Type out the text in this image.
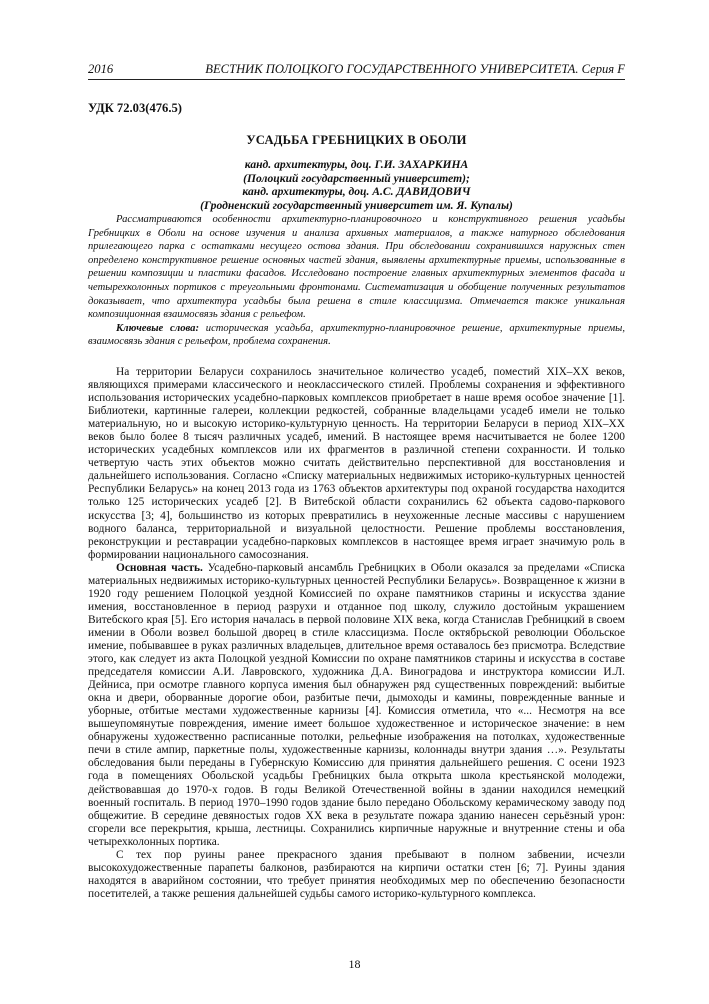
2016	ВЕСТНИК ПОЛОЦКОГО ГОСУДАРСТВЕННОГО УНИВЕРСИТЕТА. Серия F
УДК 72.03(476.5)
УСАДЬБА ГРЕБНИЦКИХ В ОБОЛИ
канд. архитектуры, доц. Г.И. ЗАХАРКИНА
(Полоцкий государственный университет);
канд. архитектуры, доц. А.С. ДАВИДОВИЧ
(Гродненский государственный университет им. Я. Купалы)

Рассматриваются особенности архитектурно-планировочного и конструктивного решения усадьбы Гребницких в Оболи на основе изучения и анализа архивных материалов, а также натурного обследования прилегающего парка с остатками несущего остова здания. При обследовании сохранившихся наружных стен определено конструктивное решение основных частей здания, выявлены архитектурные приемы, использованные в решении композиции и пластики фасадов. Исследовано построение главных архитектурных элементов фасада и четырехколонных портиков с треугольными фронтонами. Систематизация и обобщение полученных результатов доказывает, что архитектура усадьбы была решена в стиле классицизма. Отмечается также уникальная композиционная взаимосвязь здания с рельефом.

Ключевые слова: историческая усадьба, архитектурно-планировочное решение, архитектурные приемы, взаимосвязь здания с рельефом, проблема сохранения.

На территории Беларуси сохранилось значительное количество усадеб, поместий XIX–XX веков, являющихся примерами классического и неоклассического стилей. Проблемы сохранения и эффективного использования исторических усадебно-парковых комплексов приобретает в наше время особое значение [1]. Библиотеки, картинные галереи, коллекции редкостей, собранные владельцами усадеб имели не только материальную, но и высокую историко-культурную ценность. На территории Беларуси в период XIX–XX веков было более 8 тысяч различных усадеб, имений. В настоящее время насчитывается не более 1200 исторических усадебных комплексов или их фрагментов в различной степени сохранности. И только четвертую часть этих объектов можно считать действительно перспективной для восстановления и дальнейшего использования. Согласно «Списку материальных недвижимых историко-культурных ценностей Республики Беларусь» на конец 2013 года из 1763 объектов архитектуры под охраной государства находится только 125 исторических усадеб [2]. В Витебской области сохранились 62 объекта садово-паркового искусства [3; 4], большинство из которых превратились в неухоженные лесные массивы с нарушением водного баланса, территориальной и визуальной целостности. Решение проблемы восстановления, реконструкции и реставрации усадебно-парковых комплексов в настоящее время играет значимую роль в формировании национального самосознания.

Основная часть. Усадебно-парковый ансамбль Гребницких в Оболи оказался за пределами «Списка материальных недвижимых историко-культурных ценностей Республики Беларусь». Возвращенное к жизни в 1920 году решением Полоцкой уездной Комиссией по охране памятников старины и искусства здание имения, восстановленное в период разрухи и отданное под школу, служило достойным украшением Витебского края [5]. Его история началась в первой половине XIX века, когда Станислав Гребницкий в своем имении в Оболи возвел большой дворец в стиле классицизма. После октябрьской революции Обольское имение, побывавшее в руках различных владельцев, длительное время оставалось без присмотра. Вследствие этого, как следует из акта Полоцкой уездной Комиссии по охране памятников старины и искусства в составе председателя комиссии А.И. Лавровского, художника Д.А. Виноградова и инструктора комиссии И.Л. Дейниса, при осмотре главного корпуса имения был обнаружен ряд существенных повреждений: выбитые окна и двери, оборванные дорогие обои, разбитые печи, дымоходы и камины, поврежденные ванные и уборные, отбитые местами художественные карнизы [4]. Комиссия отметила, что «... Несмотря на все вышеупомянутые повреждения, имение имеет большое художественное и историческое значение: в нем обнаружены художественно расписанные потолки, рельефные изображения на потолках, художественные печи в стиле ампир, паркетные полы, художественные карнизы, колоннады внутри здания …». Результаты обследования были переданы в Губернскую Комиссию для принятия дальнейшего решения. С осени 1923 года в помещениях Обольской усадьбы Гребницких была открыта школа крестьянской молодежи, действовавшая до 1970-х годов. В годы Великой Отечественной войны в здании находился немецкий военный госпиталь. В период 1970–1990 годов здание было передано Обольскому керамическому заводу под общежитие. В середине девяностых годов XX века в результате пожара зданию нанесен серьёзный урон: сгорели все перекрытия, крыша, лестницы. Сохранились кирпичные наружные и внутренние стены и оба четырехколонных портика.

С тех пор руины ранее прекрасного здания пребывают в полном забвении, исчезли высокохудожественные парапеты балконов, разбираются на кирпичи остатки стен [6; 7]. Руины здания находятся в аварийном состоянии, что требует принятия необходимых мер по обеспечению безопасности посетителей, а также решения дальнейшей судьбы самого историко-культурного комплекса.

18
